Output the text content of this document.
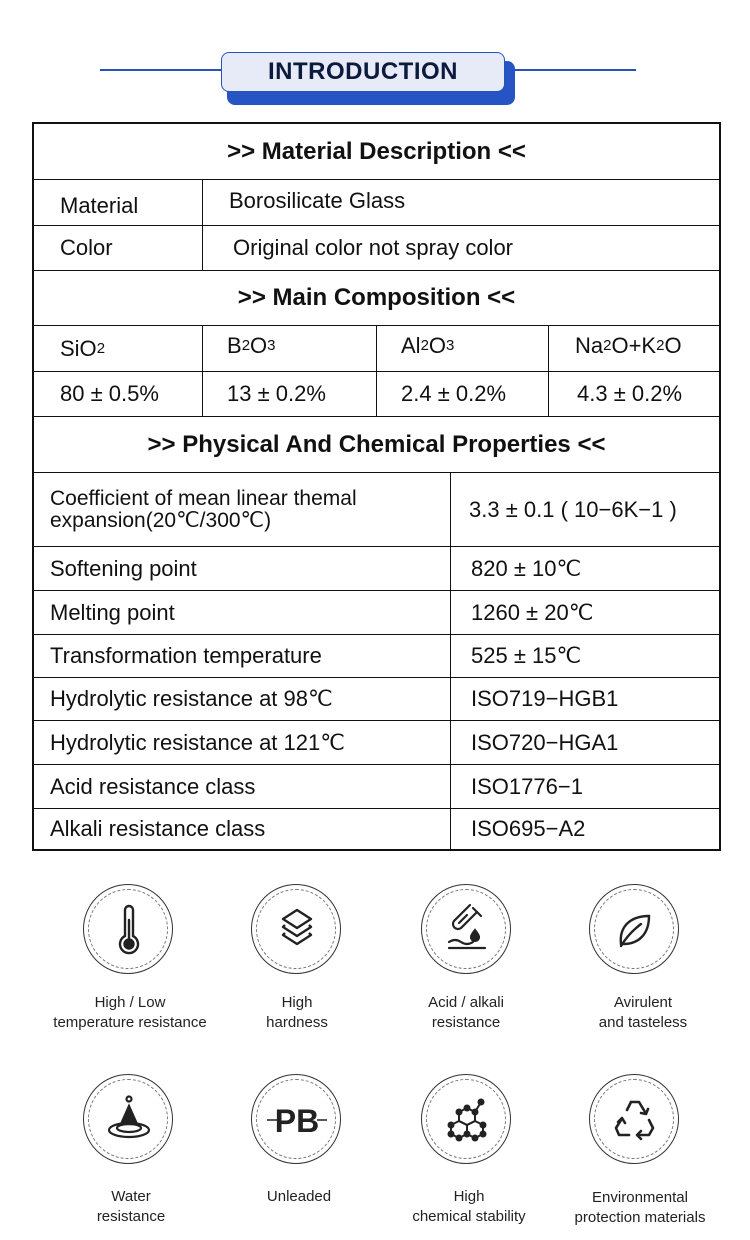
INTRODUCTION
>> Material Description <<
Material	Borosilicate Glass
Color	Original color not spray color
>> Main Composition <<
SiO 2	B 2 O 3	Al 2 O 3	Na 2 O+K 2 O
80 ± 0.5%	13 ± 0.2%	2.4 ± 0.2%	4.3 ± 0.2%
>> Physical And Chemical Properties <<
Coefficient of mean linear themal
expansion(20℃/300℃)	3.3 ± 0.1 ( 10−6K−1 )
Softening point	820 ± 10℃
Melting point	1260 ± 20℃
Transformation temperature	525 ± 15℃
Hydrolytic resistance at 98℃	ISO719−HGB1
Hydrolytic resistance at 121℃	ISO720−HGA1
Acid resistance class	ISO1776−1
Alkali resistance class	ISO695−A2
High / Low
temperature resistance
High
hardness
Acid / alkali
resistance
Avirulent
and tasteless
PB
Water
resistance
Unleaded	High
chemical stability
Environmental
protection materials
